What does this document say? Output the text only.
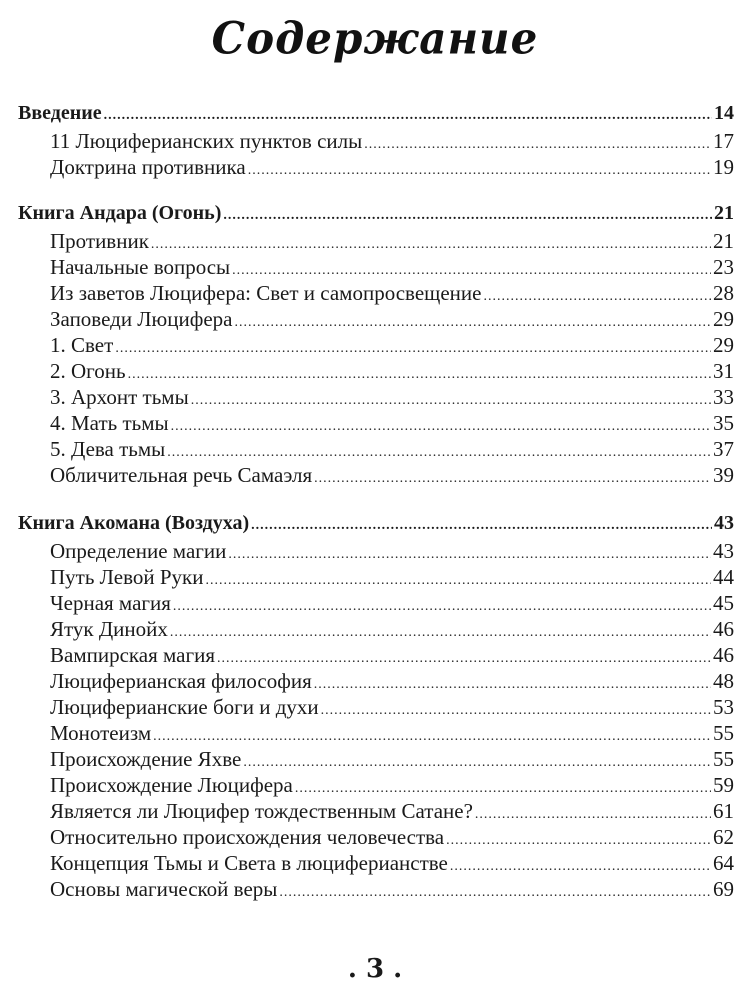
Содержание
Введение .....	14
11 Люциферианских пунктов силы .....	17
Доктрина противника .....	19
Книга Андара (Огонь) .....	21
Противник .....	21
Начальные вопросы .....	23
Из заветов Люцифера: Свет и самопросвещение .....	28
Заповеди Люцифера .....	29
1. Свет .....	29
2. Огонь .....	31
3. Архонт тьмы .....	33
4. Мать тьмы .....	35
5. Дева тьмы .....	37
Обличительная речь Самаэля .....	39
Книга Акомана (Воздуха) .....	43
Определение магии .....	43
Путь Левой Руки .....	44
Черная магия .....	45
Ятук Динойх .....	46
Вампирская магия .....	46
Люциферианская философия .....	48
Люциферианские боги и духи .....	53
Монотеизм .....	55
Происхождение Яхве .....	55
Происхождение Люцифера .....	59
Является ли Люцифер тождественным Сатане? .....	61
Относительно происхождения человечества .....	62
Концепция Тьмы и Света в люциферианстве .....	64
Основы магической веры .....	69
. 3 .
